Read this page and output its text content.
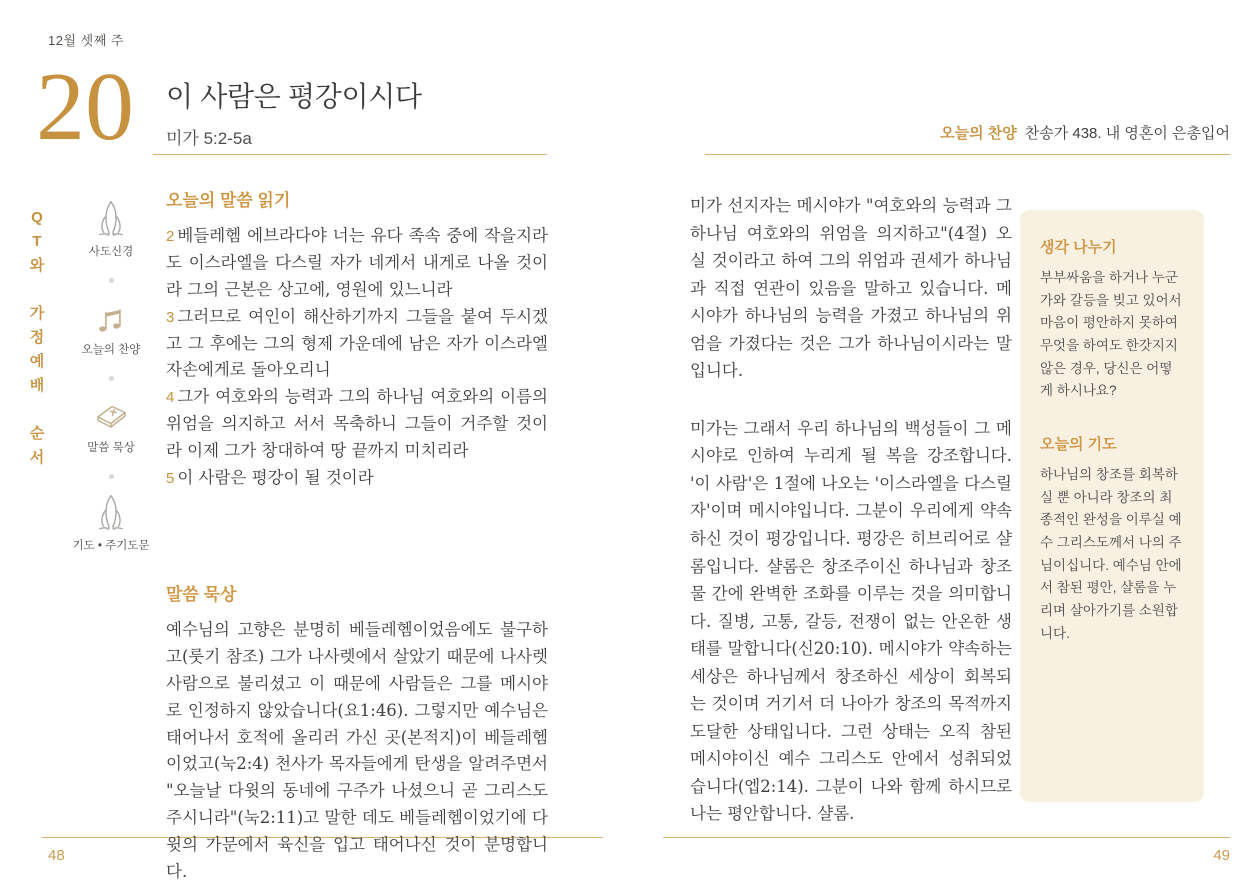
12월 셋째 주
20 이 사람은 평강이시다
미가 5:2-5a	오늘의 찬양 찬송가 438. 내 영혼이 은총입어
Q
T
와
가
정
예
배
순
서
사도신경
오늘의 찬양
말씀 묵상
기도 • 주기도문
오늘의 말씀 읽기
2 베들레헴 에브라다야 너는 유다 족속 중에 작을지라도 이스라엘을 다스릴 자가 네게서 내게로 나올 것이라 그의 근본은 상고에, 영원에 있느니라
3 그러므로 여인이 해산하기까지 그들을 붙여 두시겠고 그 후에는 그의 형제 가운데에 남은 자가 이스라엘 자손에게로 돌아오리니
4 그가 여호와의 능력과 그의 하나님 여호와의 이름의 위엄을 의지하고 서서 목축하니 그들이 거주할 것이라 이제 그가 창대하여 땅 끝까지 미치리라
5 이 사람은 평강이 될 것이라
말씀 묵상

예수님의 고향은 분명히 베들레헴이었음에도 불구하고(룻기 참조) 그가 나사렛에서 살았기 때문에 나사렛 사람으로 불리셨고 이 때문에 사람들은 그를 메시야로 인정하지 않았습니다(요1:46). 그렇지만 예수님은 태어나서 호적에 올리러 가신 곳(본적지)이 베들레헴이었고(눅2:4) 천사가 목자들에게 탄생을 알려주면서 "오늘날 다윗의 동네에 구주가 나셨으니 곧 그리스도 주시니라"(눅2:11)고 말한 데도 베들레헴이었기에 다윗의 가문에서 육신을 입고 태어나신 것이 분명합니다.

미가 선지자는 메시야가 "여호와의 능력과 그 하나님 여호와의 위엄을 의지하고"(4절) 오실 것이라고 하여 그의 위엄과 권세가 하나님과 직접 연관이 있음을 말하고 있습니다. 메시야가 하나님의 능력을 가졌고 하나님의 위엄을 가졌다는 것은 그가 하나님이시라는 말입니다.

미가는 그래서 우리 하나님의 백성들이 그 메시야로 인하여 누리게 될 복을 강조합니다. '이 사람'은 1절에 나오는 '이스라엘을 다스릴 자'이며 메시야입니다. 그분이 우리에게 약속하신 것이 평강입니다. 평강은 히브리어로 샬롬입니다. 샬롬은 창조주이신 하나님과 창조물 간에 완벽한 조화를 이루는 것을 의미합니다. 질병, 고통, 갈등, 전쟁이 없는 안온한 생태를 말합니다(신20:10). 메시야가 약속하는 세상은 하나님께서 창조하신 세상이 회복되는 것이며 거기서 더 나아가 창조의 목적까지 도달한 상태입니다. 그런 상태는 오직 참된 메시야이신 예수 그리스도 안에서 성취되었습니다(엡2:14). 그분이 나와 함께 하시므로 나는 평안합니다. 샬롬.

생각 나누기

부부싸움을 하거나 누군가와 갈등을 빚고 있어서 마음이 평안하지 못하여 무엇을 하여도 한갓지지 않은 경우, 당신은 어떻게 하시나요?

오늘의 기도

하나님의 창조를 회복하실 뿐 아니라 창조의 최종적인 완성을 이루실 예수 그리스도께서 나의 주님이십니다. 예수님 안에서 참된 평안, 샬롬을 누리며 살아가기를 소원합니다.

48	49
